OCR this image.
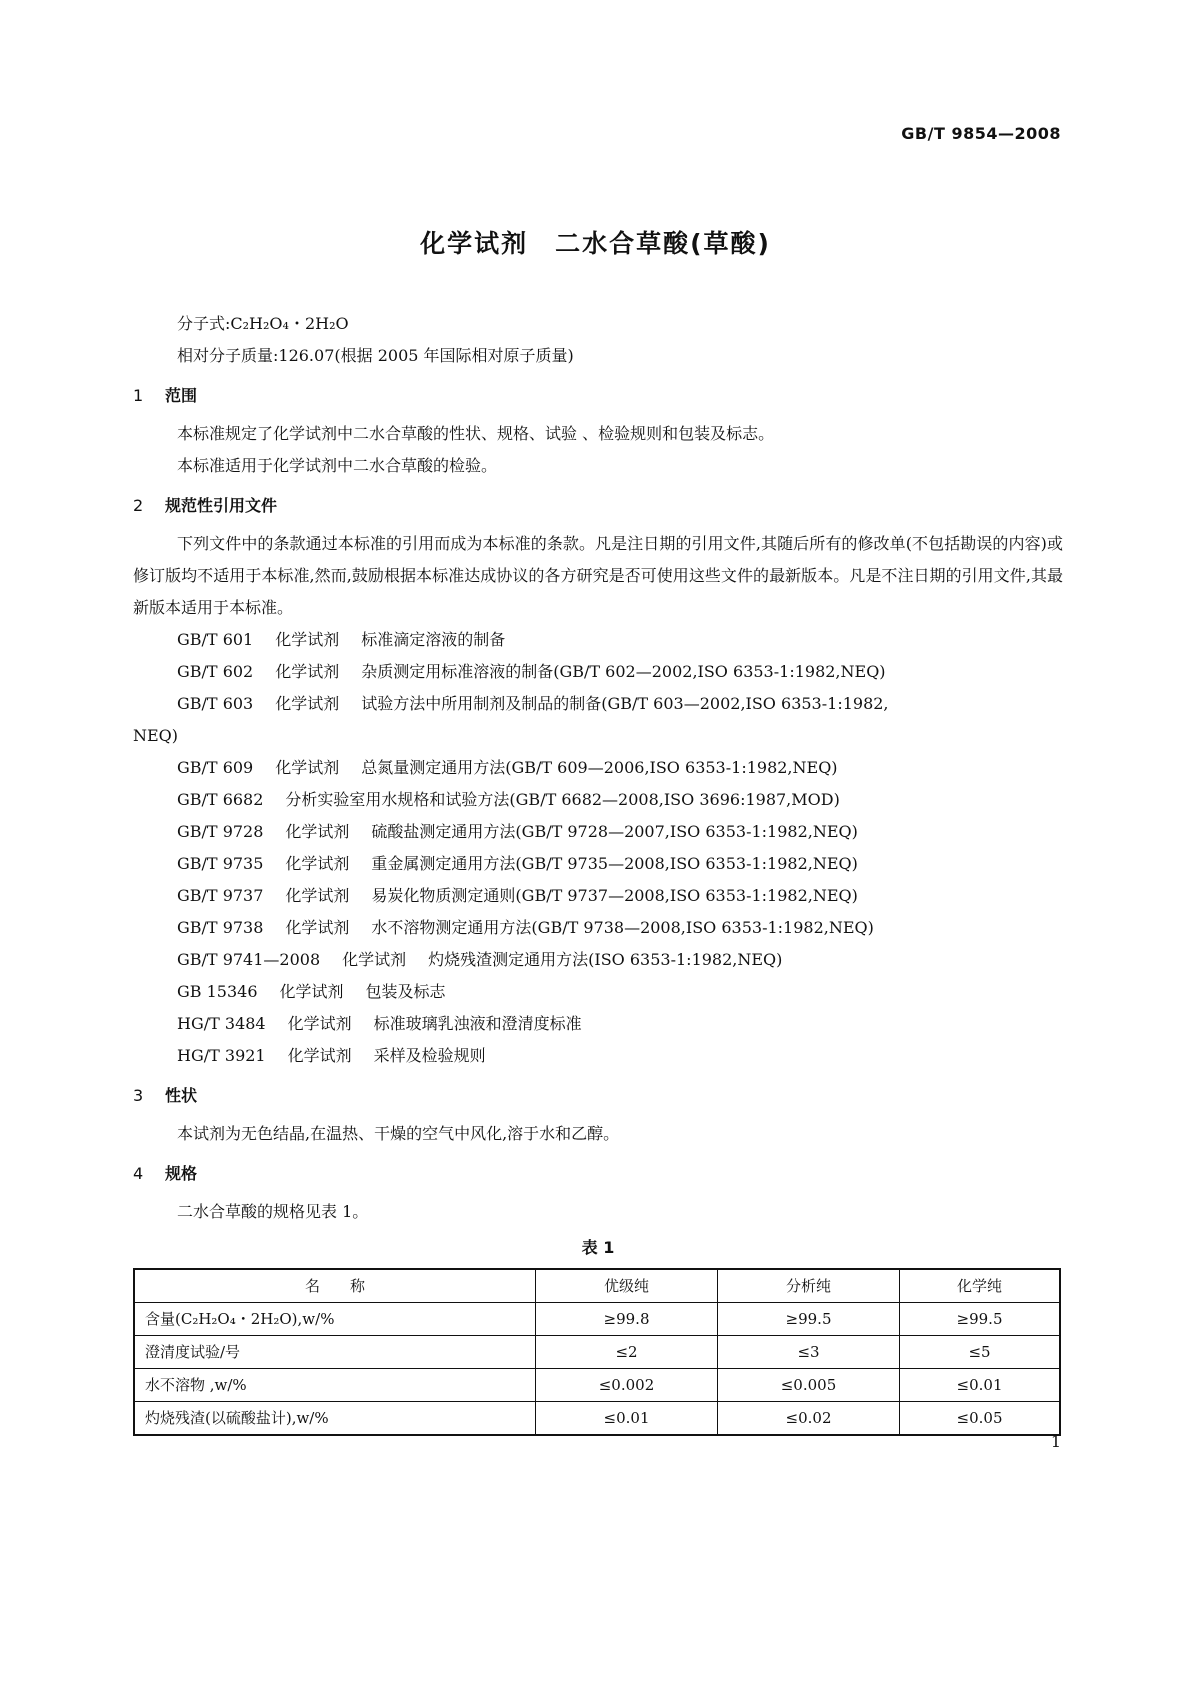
GB/T 9854—2008
化学试剂　二水合草酸(草酸)

分子式:C₂H₂O₄・2H₂O

相对分子质量:126.07(根据 2005 年国际相对原子质量)

1 范围

本标准规定了化学试剂中二水合草酸的性状、规格、试验 、检验规则和包装及标志。

本标准适用于化学试剂中二水合草酸的检验。

2 规范性引用文件

下列文件中的条款通过本标准的引用而成为本标准的条款。凡是注日期的引用文件,其随后所有的修改单(不包括勘误的内容)或修订版均不适用于本标准,然而,鼓励根据本标准达成协议的各方研究是否可使用这些文件的最新版本。凡是不注日期的引用文件,其最新版本适用于本标准。

GB/T 601 化学试剂 标准滴定溶液的制备
GB/T 602 化学试剂 杂质测定用标准溶液的制备(GB/T 602—2002,ISO 6353-1:1982,NEQ)
GB/T 603 化学试剂 试验方法中所用制剂及制品的制备(GB/T 603—2002,ISO 6353-1:1982,
NEQ)
GB/T 609 化学试剂 总氮量测定通用方法(GB/T 609—2006,ISO 6353-1:1982,NEQ)
GB/T 6682 分析实验室用水规格和试验方法(GB/T 6682—2008,ISO 3696:1987,MOD)
GB/T 9728 化学试剂 硫酸盐测定通用方法(GB/T 9728—2007,ISO 6353-1:1982,NEQ)
GB/T 9735 化学试剂 重金属测定通用方法(GB/T 9735—2008,ISO 6353-1:1982,NEQ)
GB/T 9737 化学试剂 易炭化物质测定通则(GB/T 9737—2008,ISO 6353-1:1982,NEQ)
GB/T 9738 化学试剂 水不溶物测定通用方法(GB/T 9738—2008,ISO 6353-1:1982,NEQ)
GB/T 9741—2008 化学试剂 灼烧残渣测定通用方法(ISO 6353-1:1982,NEQ)
GB 15346 化学试剂 包装及标志
HG/T 3484 化学试剂 标准玻璃乳浊液和澄清度标准
HG/T 3921 化学试剂 采样及检验规则
3 性状

本试剂为无色结晶,在温热、干燥的空气中风化,溶于水和乙醇。

4 规格

二水合草酸的规格见表 1。

表 1
名　　称	优级纯	分析纯	化学纯
含量(C₂H₂O₄・2H₂O),w/%	≥99.8	≥99.5	≥99.5
澄清度试验/号	≤2	≤3	≤5
水不溶物 ,w/%	≤0.002	≤0.005	≤0.01
灼烧残渣(以硫酸盐计),w/%	≤0.01	≤0.02	≤0.05
1
